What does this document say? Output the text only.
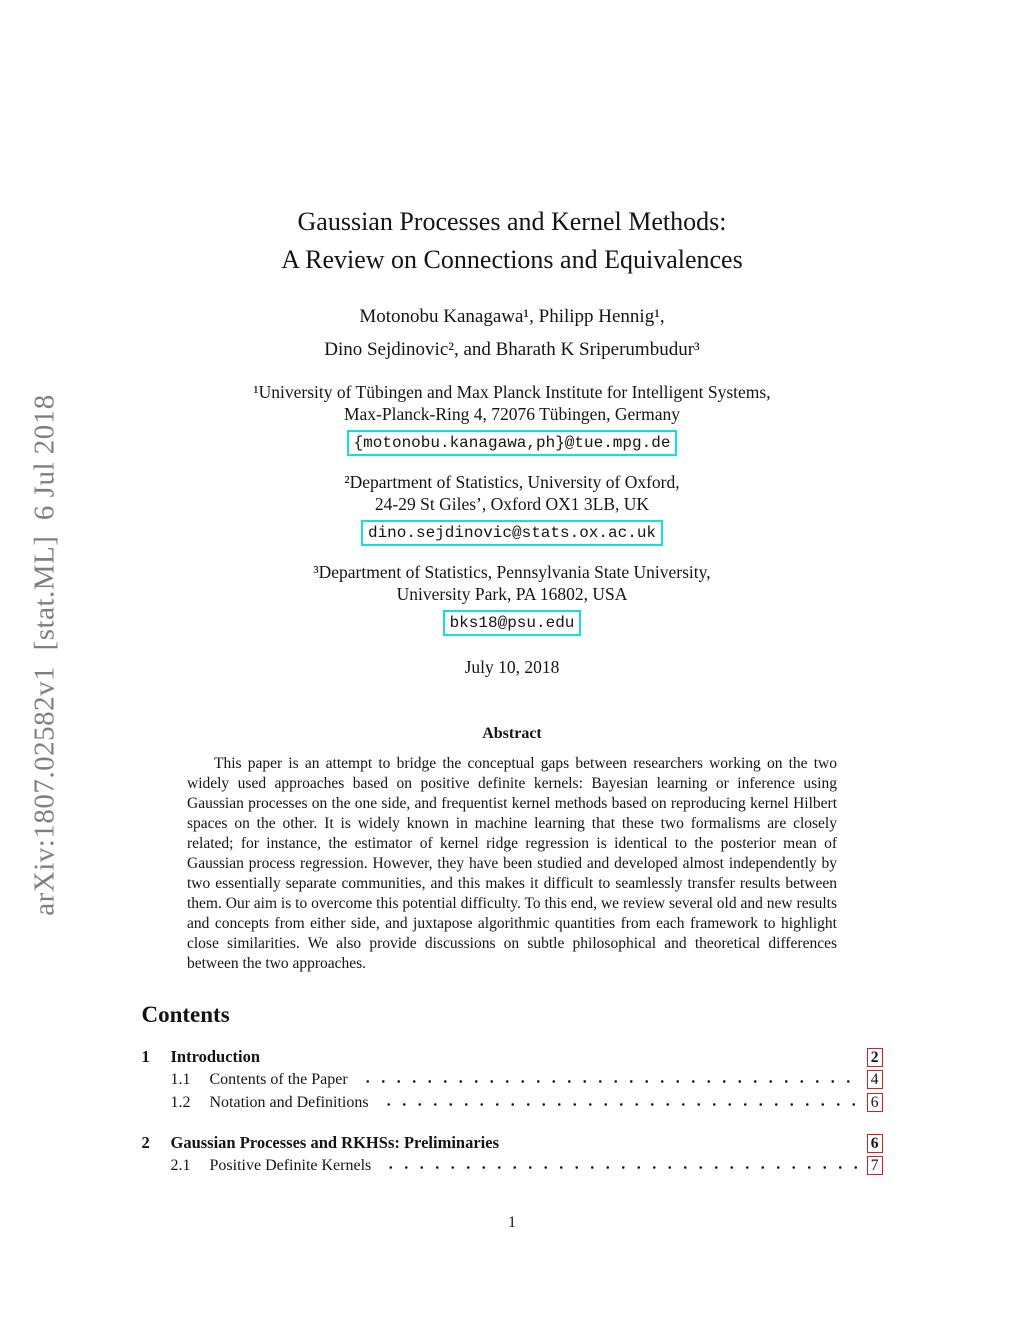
arXiv:1807.02582v1  [stat.ML]  6 Jul 2018
Gaussian Processes and Kernel Methods:
A Review on Connections and Equivalences
Motonobu Kanagawa¹, Philipp Hennig¹,
Dino Sejdinovic², and Bharath K Sriperumbudur³
¹University of Tübingen and Max Planck Institute for Intelligent Systems,
Max-Planck-Ring 4, 72076 Tübingen, Germany
{motonobu.kanagawa,ph}@tue.mpg.de
²Department of Statistics, University of Oxford,
24-29 St Giles’, Oxford OX1 3LB, UK
dino.sejdinovic@stats.ox.ac.uk
³Department of Statistics, Pennsylvania State University,
University Park, PA 16802, USA
bks18@psu.edu
July 10, 2018
Abstract
This paper is an attempt to bridge the conceptual gaps between researchers working on the two widely used approaches based on positive definite kernels: Bayesian learning or inference using Gaussian processes on the one side, and frequentist kernel methods based on reproducing kernel Hilbert spaces on the other. It is widely known in machine learning that these two formalisms are closely related; for instance, the estimator of kernel ridge regression is identical to the posterior mean of Gaussian process regression. However, they have been studied and developed almost independently by two essentially separate communities, and this makes it difficult to seamlessly transfer results between them. Our aim is to overcome this potential difficulty. To this end, we review several old and new results and concepts from either side, and juxtapose algorithmic quantities from each framework to highlight close similarities. We also provide discussions on subtle philosophical and theoretical differences between the two approaches.
Contents
1	Introduction	2
1.1	Contents of the Paper	4
1.2	Notation and Definitions	6
2	Gaussian Processes and RKHSs: Preliminaries	6
2.1	Positive Definite Kernels	7
1
